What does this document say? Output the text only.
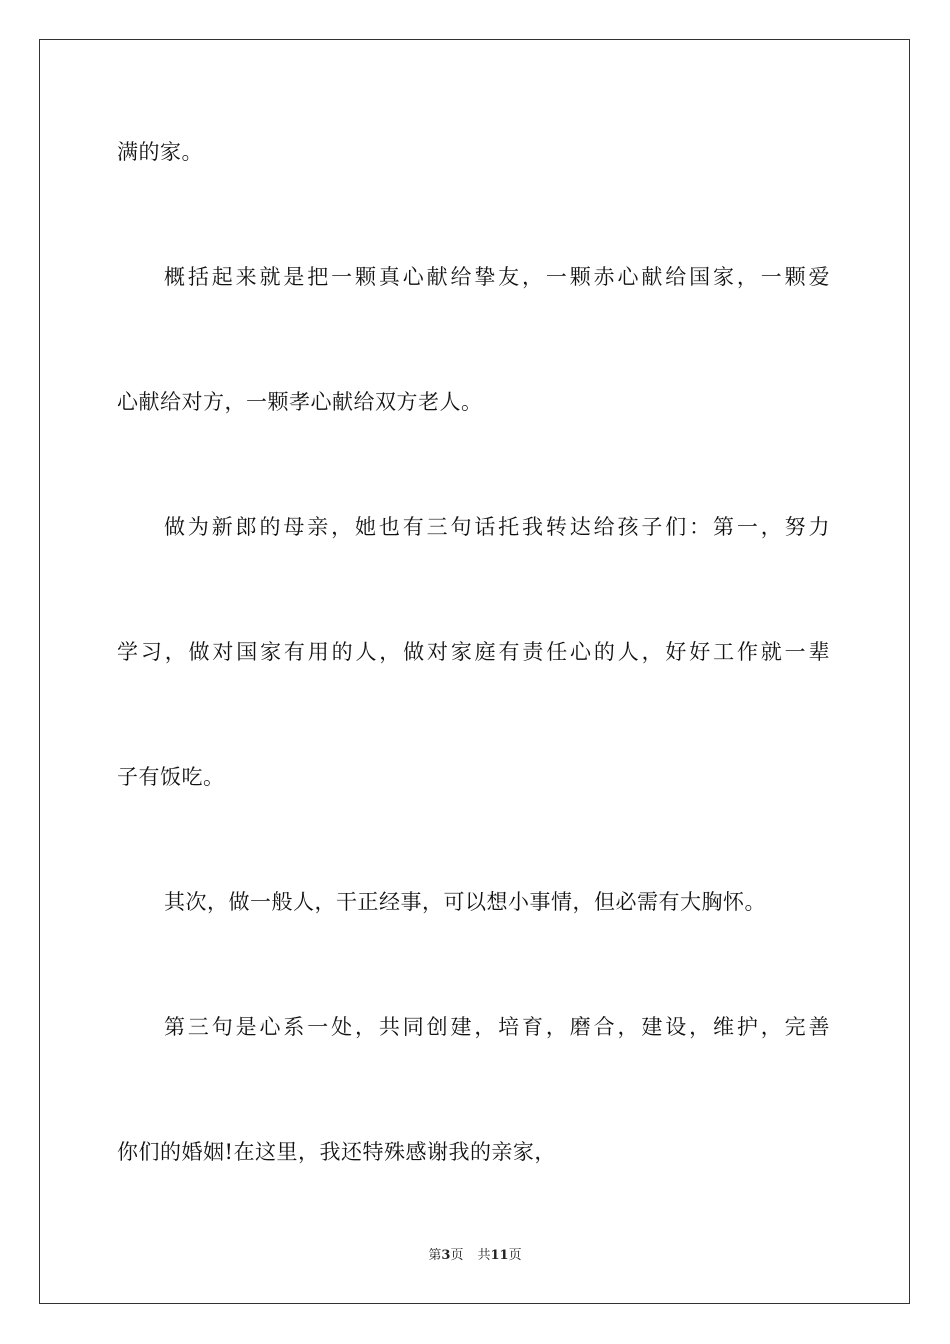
满的家。
概括起来就是把一颗真心献给挚友，一颗赤心献给国家，一颗爱
心献给对方，一颗孝心献给双方老人。
做为新郎的母亲，她也有三句话托我转达给孩子们：第一，努力
学习，做对国家有用的人，做对家庭有责任心的人，好好工作就一辈
子有饭吃。
其次，做一般人，干正经事，可以想小事情，但必需有大胸怀。
第三句是心系一处，共同创建，培育，磨合，建设，维护，完善
你们的婚姻!在这里，我还特殊感谢我的亲家，
第3页 共11页
